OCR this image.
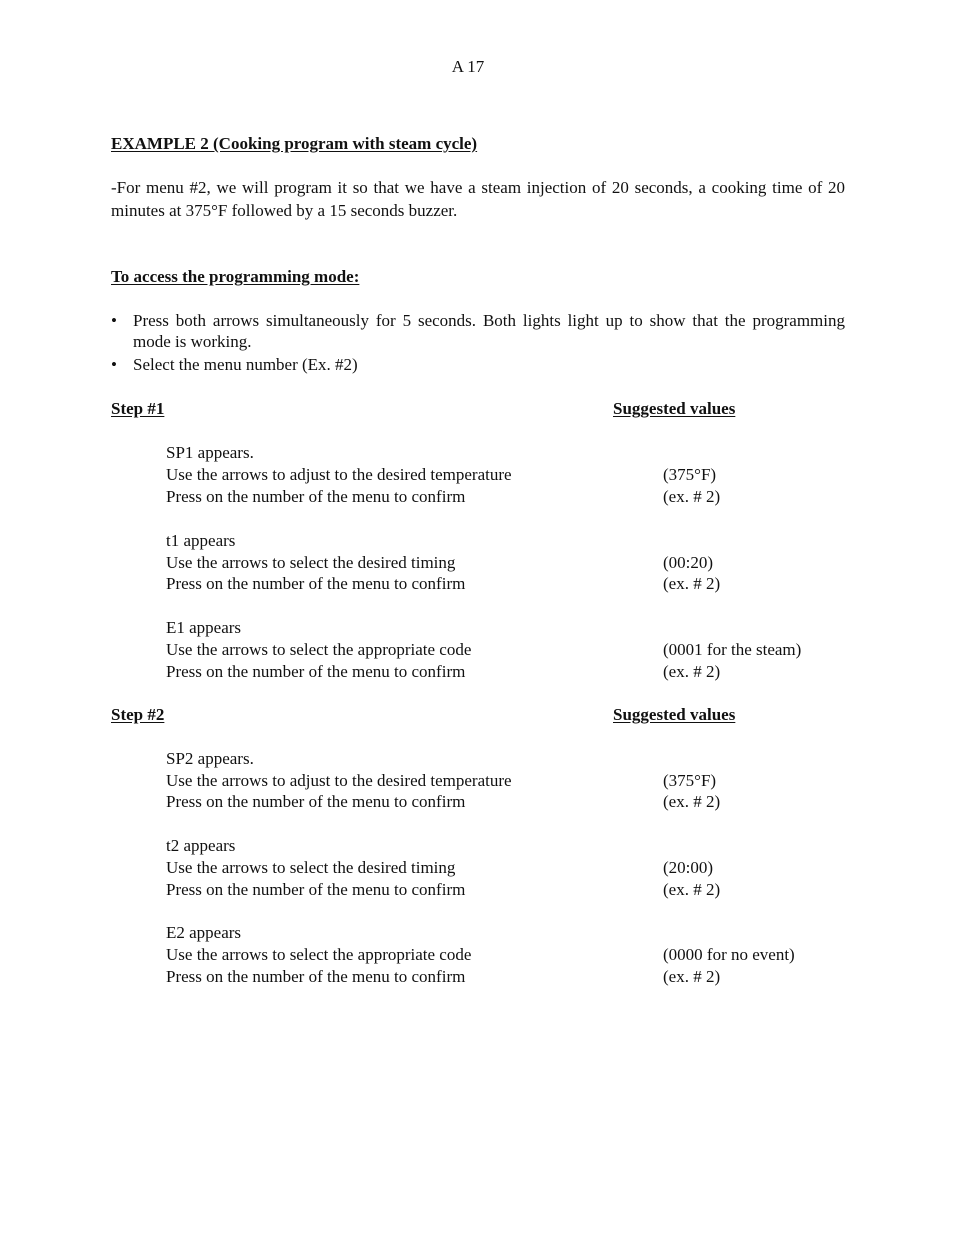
A 17
EXAMPLE 2 (Cooking program with steam cycle)
-For menu #2, we will program it so that we have a steam injection of 20 seconds, a cooking time of 20 minutes at 375°F followed by a 15 seconds buzzer.
To access the programming mode:
• Press both arrows simultaneously for 5 seconds. Both lights light up to show that the programming mode is working.
• Select the menu number (Ex. #2)
Step #1	Suggested values
SP1 appears.
Use the arrows to adjust to the desired temperature	(375°F)
Press on the number of the menu to confirm	(ex. # 2)
t1 appears
Use the arrows to select the desired timing	(00:20)
Press on the number of the menu to confirm	(ex. # 2)
E1 appears
Use the arrows to select the appropriate code	(0001 for the steam)
Press on the number of the menu to confirm	(ex. # 2)
Step #2	Suggested values
SP2 appears.
Use the arrows to adjust to the desired temperature	(375°F)
Press on the number of the menu to confirm	(ex. # 2)
t2 appears
Use the arrows to select the desired timing	(20:00)
Press on the number of the menu to confirm	(ex. # 2)
E2 appears
Use the arrows to select the appropriate code	(0000 for no event)
Press on the number of the menu to confirm	(ex. # 2)
